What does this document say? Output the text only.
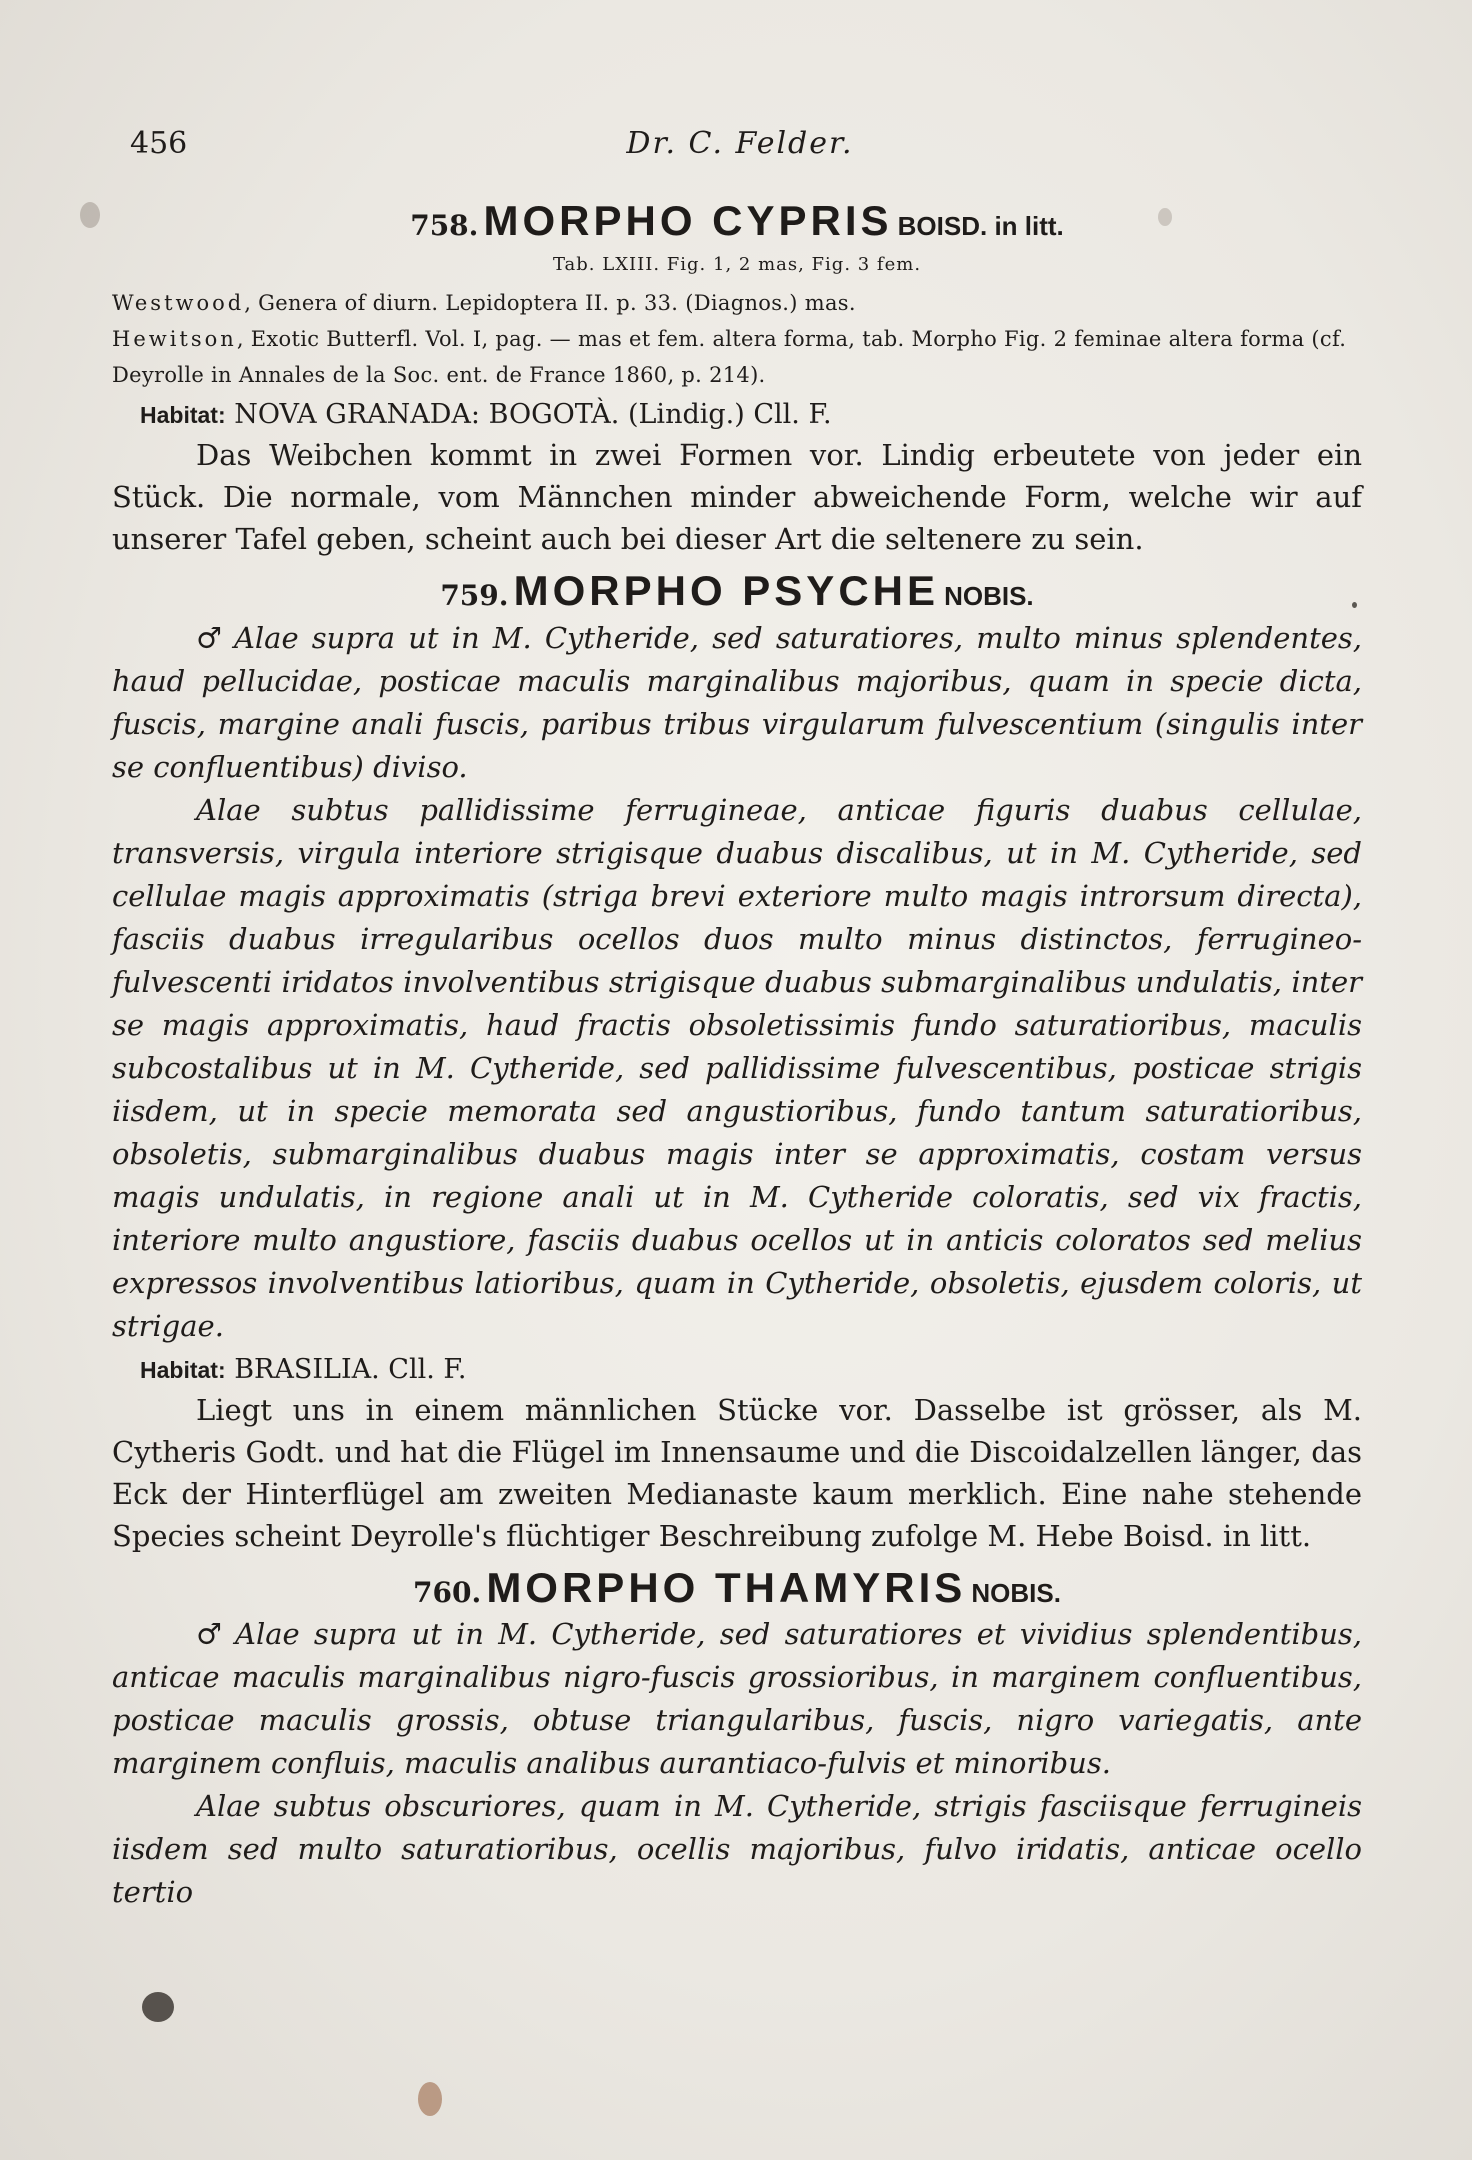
456	Dr. C. Felder.
758. MORPHO CYPRIS BOISD. in litt.
Tab. LXIII. Fig. 1, 2 mas, Fig. 3 fem.

Westwood, Genera of diurn. Lepidoptera II. p. 33. (Diagnos.) mas.

Hewitson, Exotic Butterfl. Vol. I, pag. — mas et fem. altera forma, tab. Morpho Fig. 2 feminae altera forma (cf. Deyrolle in Annales de la Soc. ent. de France 1860, p. 214).

Habitat: NOVA GRANADA: BOGOTÀ. (Lindig.) Cll. F.

Das Weibchen kommt in zwei Formen vor. Lindig erbeutete von jeder ein Stück. Die normale, vom Männchen minder abweichende Form, welche wir auf unserer Tafel geben, scheint auch bei dieser Art die seltenere zu sein.

759. MORPHO PSYCHE NOBIS.

♂ Alae supra ut in M. Cytheride, sed saturatiores, multo minus splendentes, haud pellucidae, posticae maculis marginalibus majoribus, quam in specie dicta, fuscis, margine anali fuscis, paribus tribus virgularum fulvescentium (singulis inter se confluentibus) diviso.

Alae subtus pallidissime ferrugineae, anticae figuris duabus cellulae, transversis, virgula interiore strigisque duabus discalibus, ut in M. Cytheride, sed cellulae magis approximatis (striga brevi exteriore multo magis introrsum directa), fasciis duabus irregularibus ocellos duos multo minus distinctos, ferrugineo-fulvescenti iridatos involventibus strigisque duabus submarginalibus undulatis, inter se magis approximatis, haud fractis obsoletissimis fundo saturatioribus, maculis subcostalibus ut in M. Cytheride, sed pallidissime fulvescentibus, posticae strigis iisdem, ut in specie memorata sed angustioribus, fundo tantum saturatioribus, obsoletis, submarginalibus duabus magis inter se approximatis, costam versus magis undulatis, in regione anali ut in M. Cytheride coloratis, sed vix fractis, interiore multo angustiore, fasciis duabus ocellos ut in anticis coloratos sed melius expressos involventibus latioribus, quam in Cytheride, obsoletis, ejusdem coloris, ut strigae.

Habitat: BRASILIA. Cll. F.

Liegt uns in einem männlichen Stücke vor. Dasselbe ist grösser, als M. Cytheris Godt. und hat die Flügel im Innensaume und die Discoidalzellen länger, das Eck der Hinterflügel am zweiten Medianaste kaum merklich. Eine nahe stehende Species scheint Deyrolle's flüchtiger Beschreibung zufolge M. Hebe Boisd. in litt.

760. MORPHO THAMYRIS NOBIS.

♂ Alae supra ut in M. Cytheride, sed saturatiores et vividius splendentibus, anticae maculis marginalibus nigro-fuscis grossioribus, in marginem confluentibus, posticae maculis grossis, obtuse triangularibus, fuscis, nigro variegatis, ante marginem confluis, maculis analibus aurantiaco-fulvis et minoribus.

Alae subtus obscuriores, quam in M. Cytheride, strigis fasciisque ferrugineis iisdem sed multo saturatioribus, ocellis majoribus, fulvo iridatis, anticae ocello tertio
